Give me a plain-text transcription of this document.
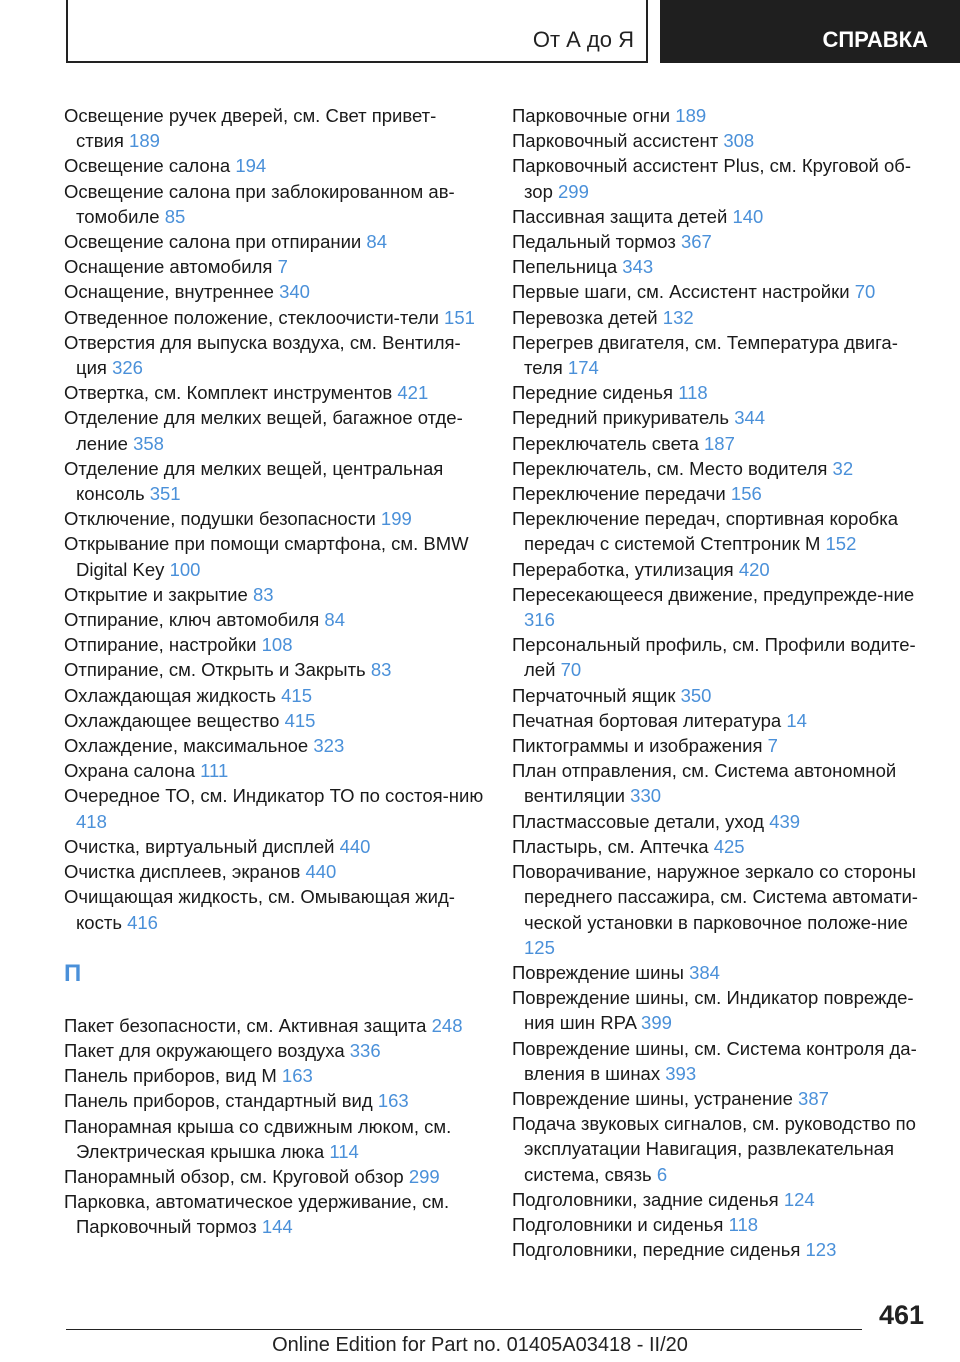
От А до Я	СПРАВКА
Освещение ручек дверей, см. Свет привет‐ствия 189
Освещение салона 194
Освещение салона при заблокированном ав‐томобиле 85
Освещение салона при отпирании 84
Оснащение автомобиля 7
Оснащение, внутреннее 340
Отведенное положение, стеклоочисти‐тели 151
Отверстия для выпуска воздуха, см. Вентиля‐ция 326
Отвертка, см. Комплект инструментов 421
Отделение для мелких вещей, багажное отде‐ление 358
Отделение для мелких вещей, центральная консоль 351
Отключение, подушки безопасности 199
Открывание при помощи смартфона, см. BMW Digital Key 100
Открытие и закрытие 83
Отпирание, ключ автомобиля 84
Отпирание, настройки 108
Отпирание, см. Открыть и Закрыть 83
Охлаждающая жидкость 415
Охлаждающее вещество 415
Охлаждение, максимальное 323
Охрана салона 111
Очередное ТО, см. Индикатор ТО по состоя‐нию 418
Очистка, виртуальный дисплей 440
Очистка дисплеев, экранов 440
Очищающая жидкость, см. Омывающая жид‐кость 416
П
Пакет безопасности, см. Активная защита 248
Пакет для окружающего воздуха 336
Панель приборов, вид M 163
Панель приборов, стандартный вид 163
Панорамная крыша со сдвижным люком, см. Электрическая крышка люка 114
Панорамный обзор, см. Круговой обзор 299
Парковка, автоматическое удерживание, см. Парковочный тормоз 144
Парковочные огни 189
Парковочный ассистент 308
Парковочный ассистент Plus, см. Круговой об‐зор 299
Пассивная защита детей 140
Педальный тормоз 367
Пепельница 343
Первые шаги, см. Ассистент настройки 70
Перевозка детей 132
Перегрев двигателя, см. Температура двига‐теля 174
Передние сиденья 118
Передний прикуриватель 344
Переключатель света 187
Переключатель, см. Место водителя 32
Переключение передачи 156
Переключение передач, спортивная коробка передач с системой Стептроник M 152
Переработка, утилизация 420
Пересекающееся движение, предупрежде‐ние 316
Персональный профиль, см. Профили водите‐лей 70
Перчаточный ящик 350
Печатная бортовая литература 14
Пиктограммы и изображения 7
План отправления, см. Система автономной вентиляции 330
Пластмассовые детали, уход 439
Пластырь, см. Аптечка 425
Поворачивание, наружное зеркало со стороны переднего пассажира, см. Система автомати‐ческой установки в парковочное положе‐ние 125
Повреждение шины 384
Повреждение шины, см. Индикатор поврежде‐ния шин RPA 399
Повреждение шины, см. Система контроля да‐вления в шинах 393
Повреждение шины, устранение 387
Подача звуковых сигналов, см. руководство по эксплуатации Навигация, развлекательная система, связь 6
Подголовники, задние сиденья 124
Подголовники и сиденья 118
Подголовники, передние сиденья 123
461
Online Edition for Part no. 01405A03418 - II/20
